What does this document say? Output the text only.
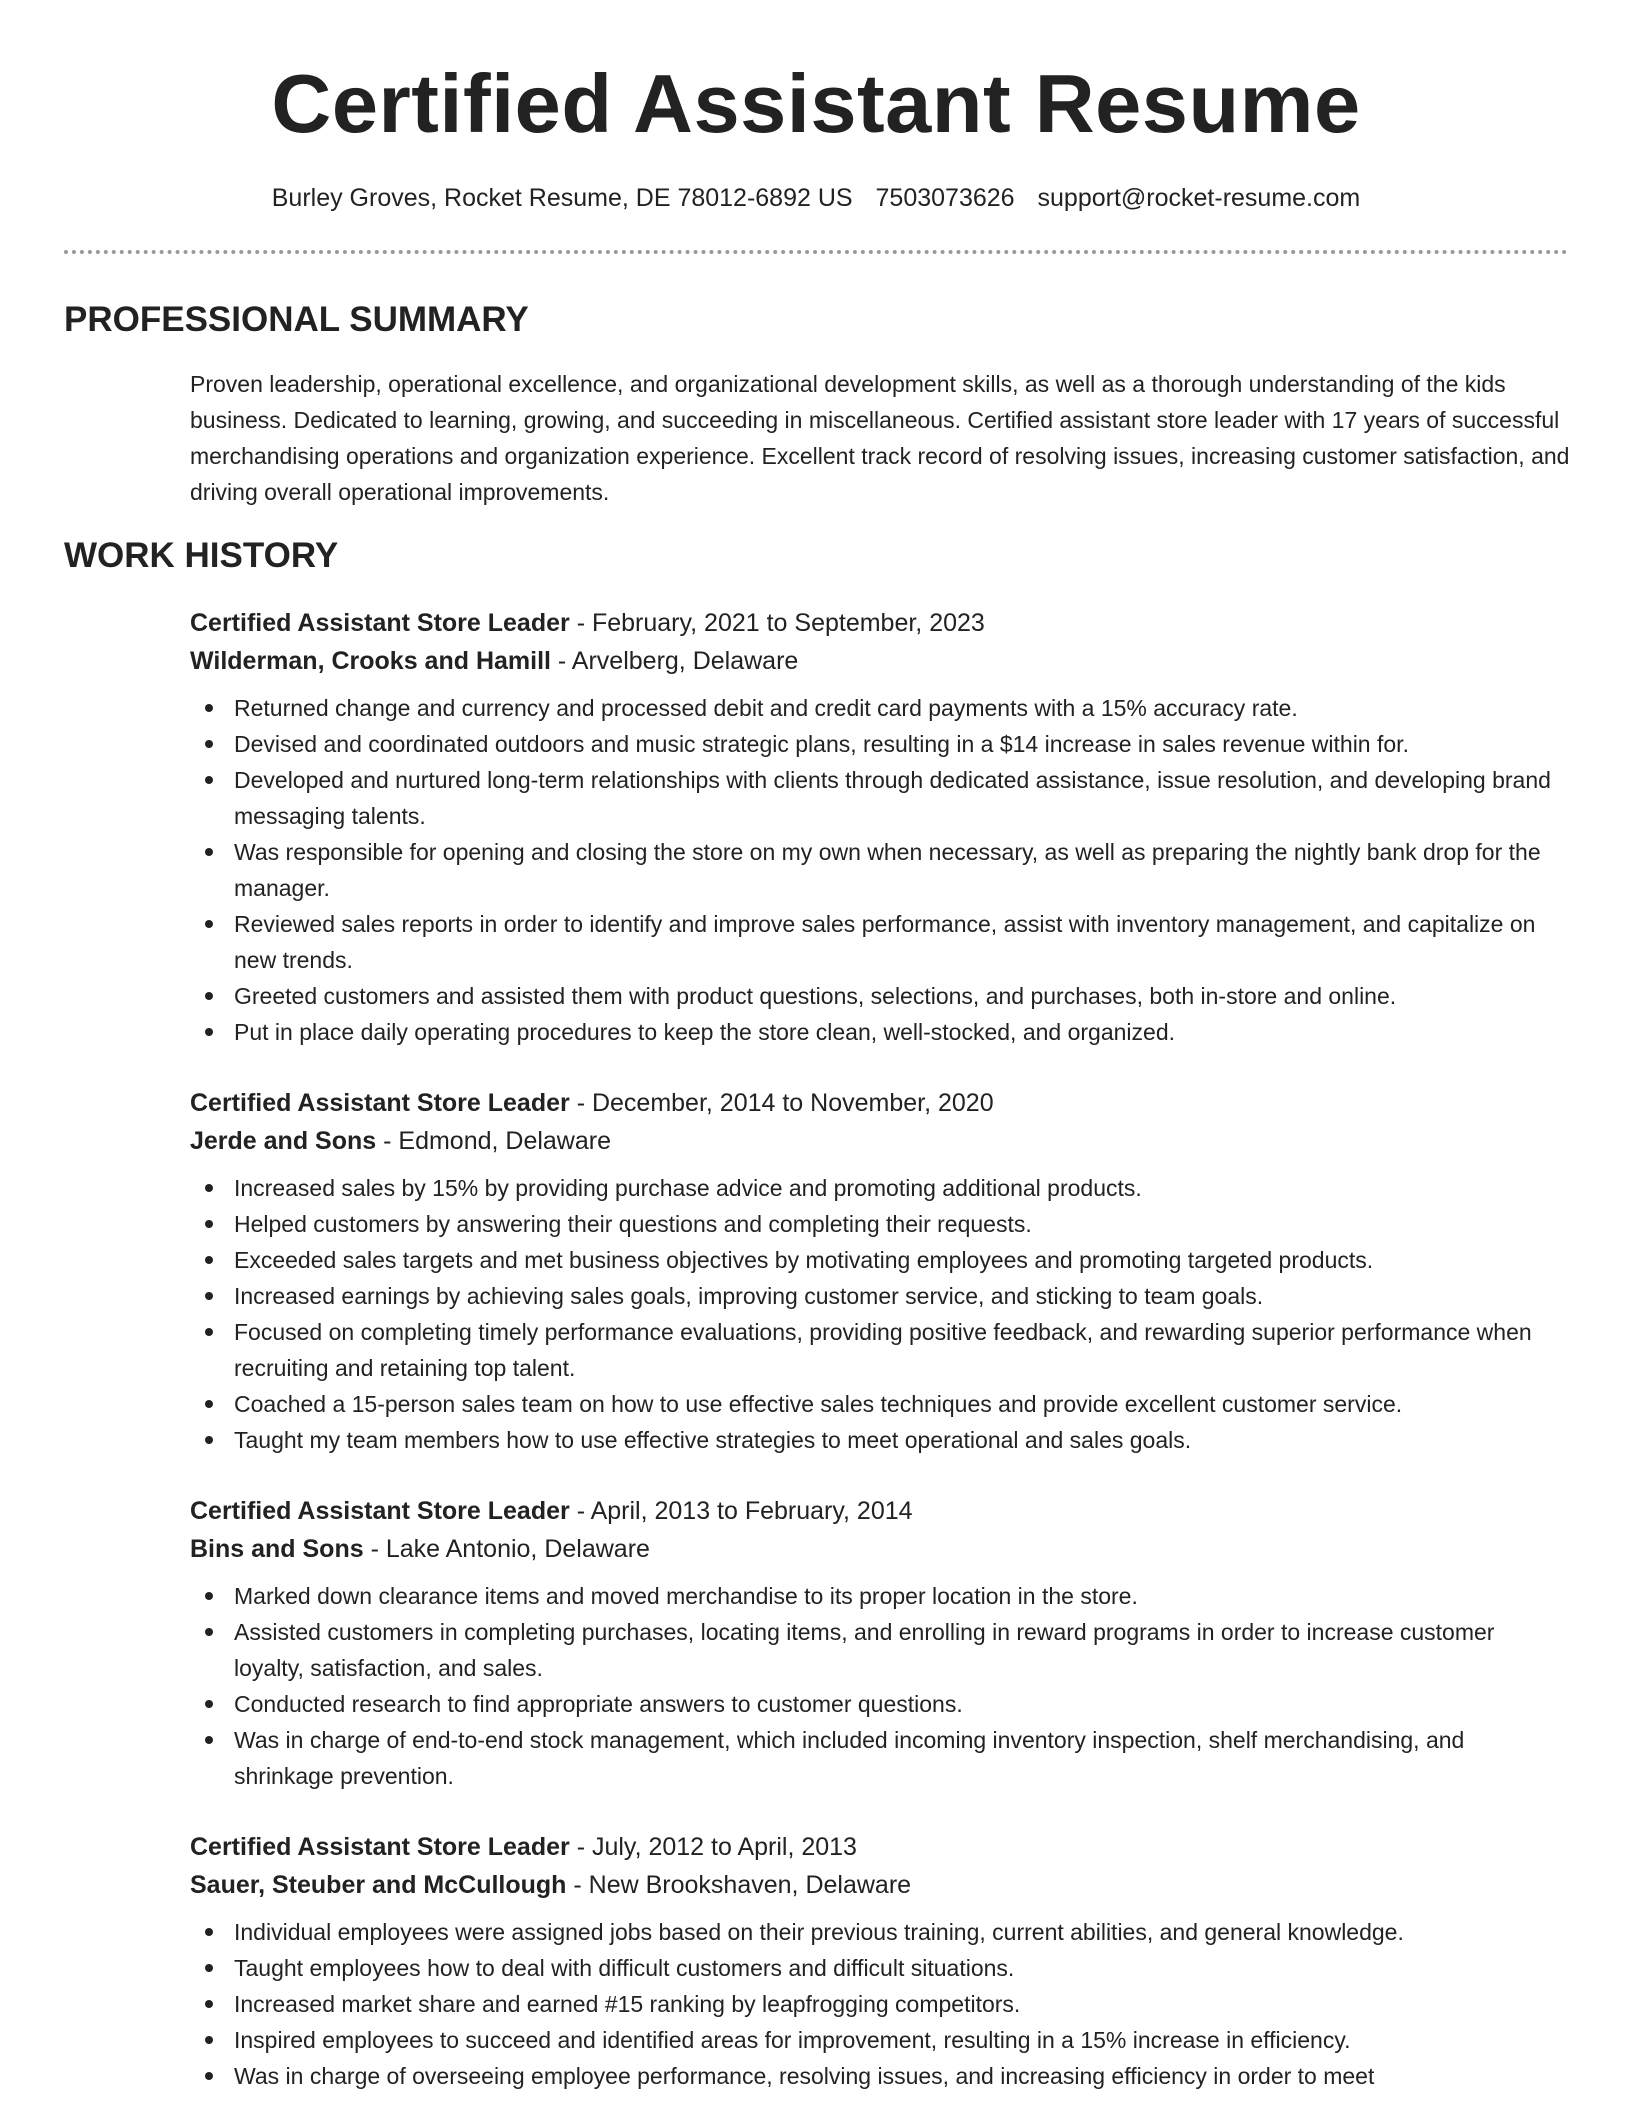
Certified Assistant Resume
Burley Groves, Rocket Resume, DE 78012-6892 US 7503073626 support@rocket-resume.com
PROFESSIONAL SUMMARY

Proven leadership, operational excellence, and organizational development skills, as well as a thorough understanding of the kids business. Dedicated to learning, growing, and succeeding in miscellaneous. Certified assistant store leader with 17 years of successful merchandising operations and organization experience. Excellent track record of resolving issues, increasing customer satisfaction, and driving overall operational improvements.

WORK HISTORY
Certified Assistant Store Leader - February, 2021 to September, 2023
Wilderman, Crooks and Hamill - Arvelberg, Delaware
Returned change and currency and processed debit and credit card payments with a 15% accuracy rate.
Devised and coordinated outdoors and music strategic plans, resulting in a $14 increase in sales revenue within for.
Developed and nurtured long-term relationships with clients through dedicated assistance, issue resolution, and developing brand messaging talents.
Was responsible for opening and closing the store on my own when necessary, as well as preparing the nightly bank drop for the manager.
Reviewed sales reports in order to identify and improve sales performance, assist with inventory management, and capitalize on new trends.
Greeted customers and assisted them with product questions, selections, and purchases, both in-store and online.
Put in place daily operating procedures to keep the store clean, well-stocked, and organized.
Certified Assistant Store Leader - December, 2014 to November, 2020
Jerde and Sons - Edmond, Delaware
Increased sales by 15% by providing purchase advice and promoting additional products.
Helped customers by answering their questions and completing their requests.
Exceeded sales targets and met business objectives by motivating employees and promoting targeted products.
Increased earnings by achieving sales goals, improving customer service, and sticking to team goals.
Focused on completing timely performance evaluations, providing positive feedback, and rewarding superior performance when recruiting and retaining top talent.
Coached a 15-person sales team on how to use effective sales techniques and provide excellent customer service.
Taught my team members how to use effective strategies to meet operational and sales goals.
Certified Assistant Store Leader - April, 2013 to February, 2014
Bins and Sons - Lake Antonio, Delaware
Marked down clearance items and moved merchandise to its proper location in the store.
Assisted customers in completing purchases, locating items, and enrolling in reward programs in order to increase customer loyalty, satisfaction, and sales.
Conducted research to find appropriate answers to customer questions.
Was in charge of end-to-end stock management, which included incoming inventory inspection, shelf merchandising, and shrinkage prevention.
Certified Assistant Store Leader - July, 2012 to April, 2013
Sauer, Steuber and McCullough - New Brookshaven, Delaware
Individual employees were assigned jobs based on their previous training, current abilities, and general knowledge.
Taught employees how to deal with difficult customers and difficult situations.
Increased market share and earned #15 ranking by leapfrogging competitors.
Inspired employees to succeed and identified areas for improvement, resulting in a 15% increase in efficiency.
Was in charge of overseeing employee performance, resolving issues, and increasing efficiency in order to meet
